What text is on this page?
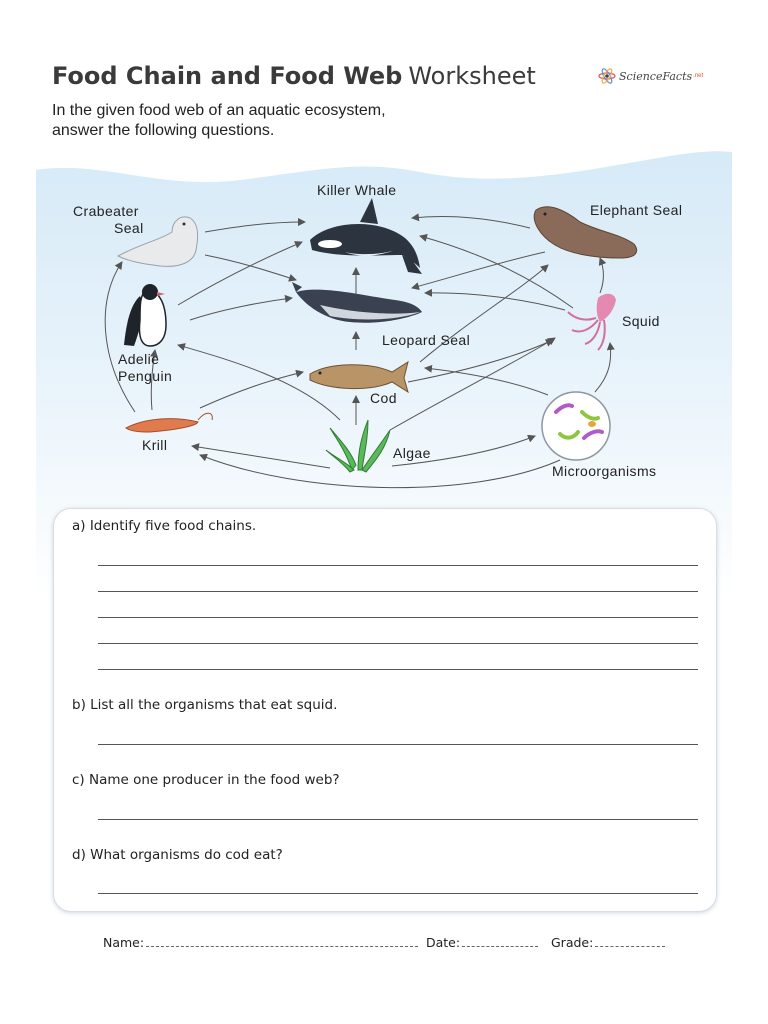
Food Chain and Food Web Worksheet	ScienceFacts .net
In the given food web of an aquatic ecosystem,
answer the following questions.
Killer Whale
Crabeater
Seal
Elephant Seal
Squid
Leopard Seal
Adelie
Penguin
Cod
Krill	Algae
Microorganisms
a) Identify five food chains.
b) List all the organisms that eat squid.
c) Name one producer in the food web?
d) What organisms do cod eat?
Name:	Date:	Grade:
